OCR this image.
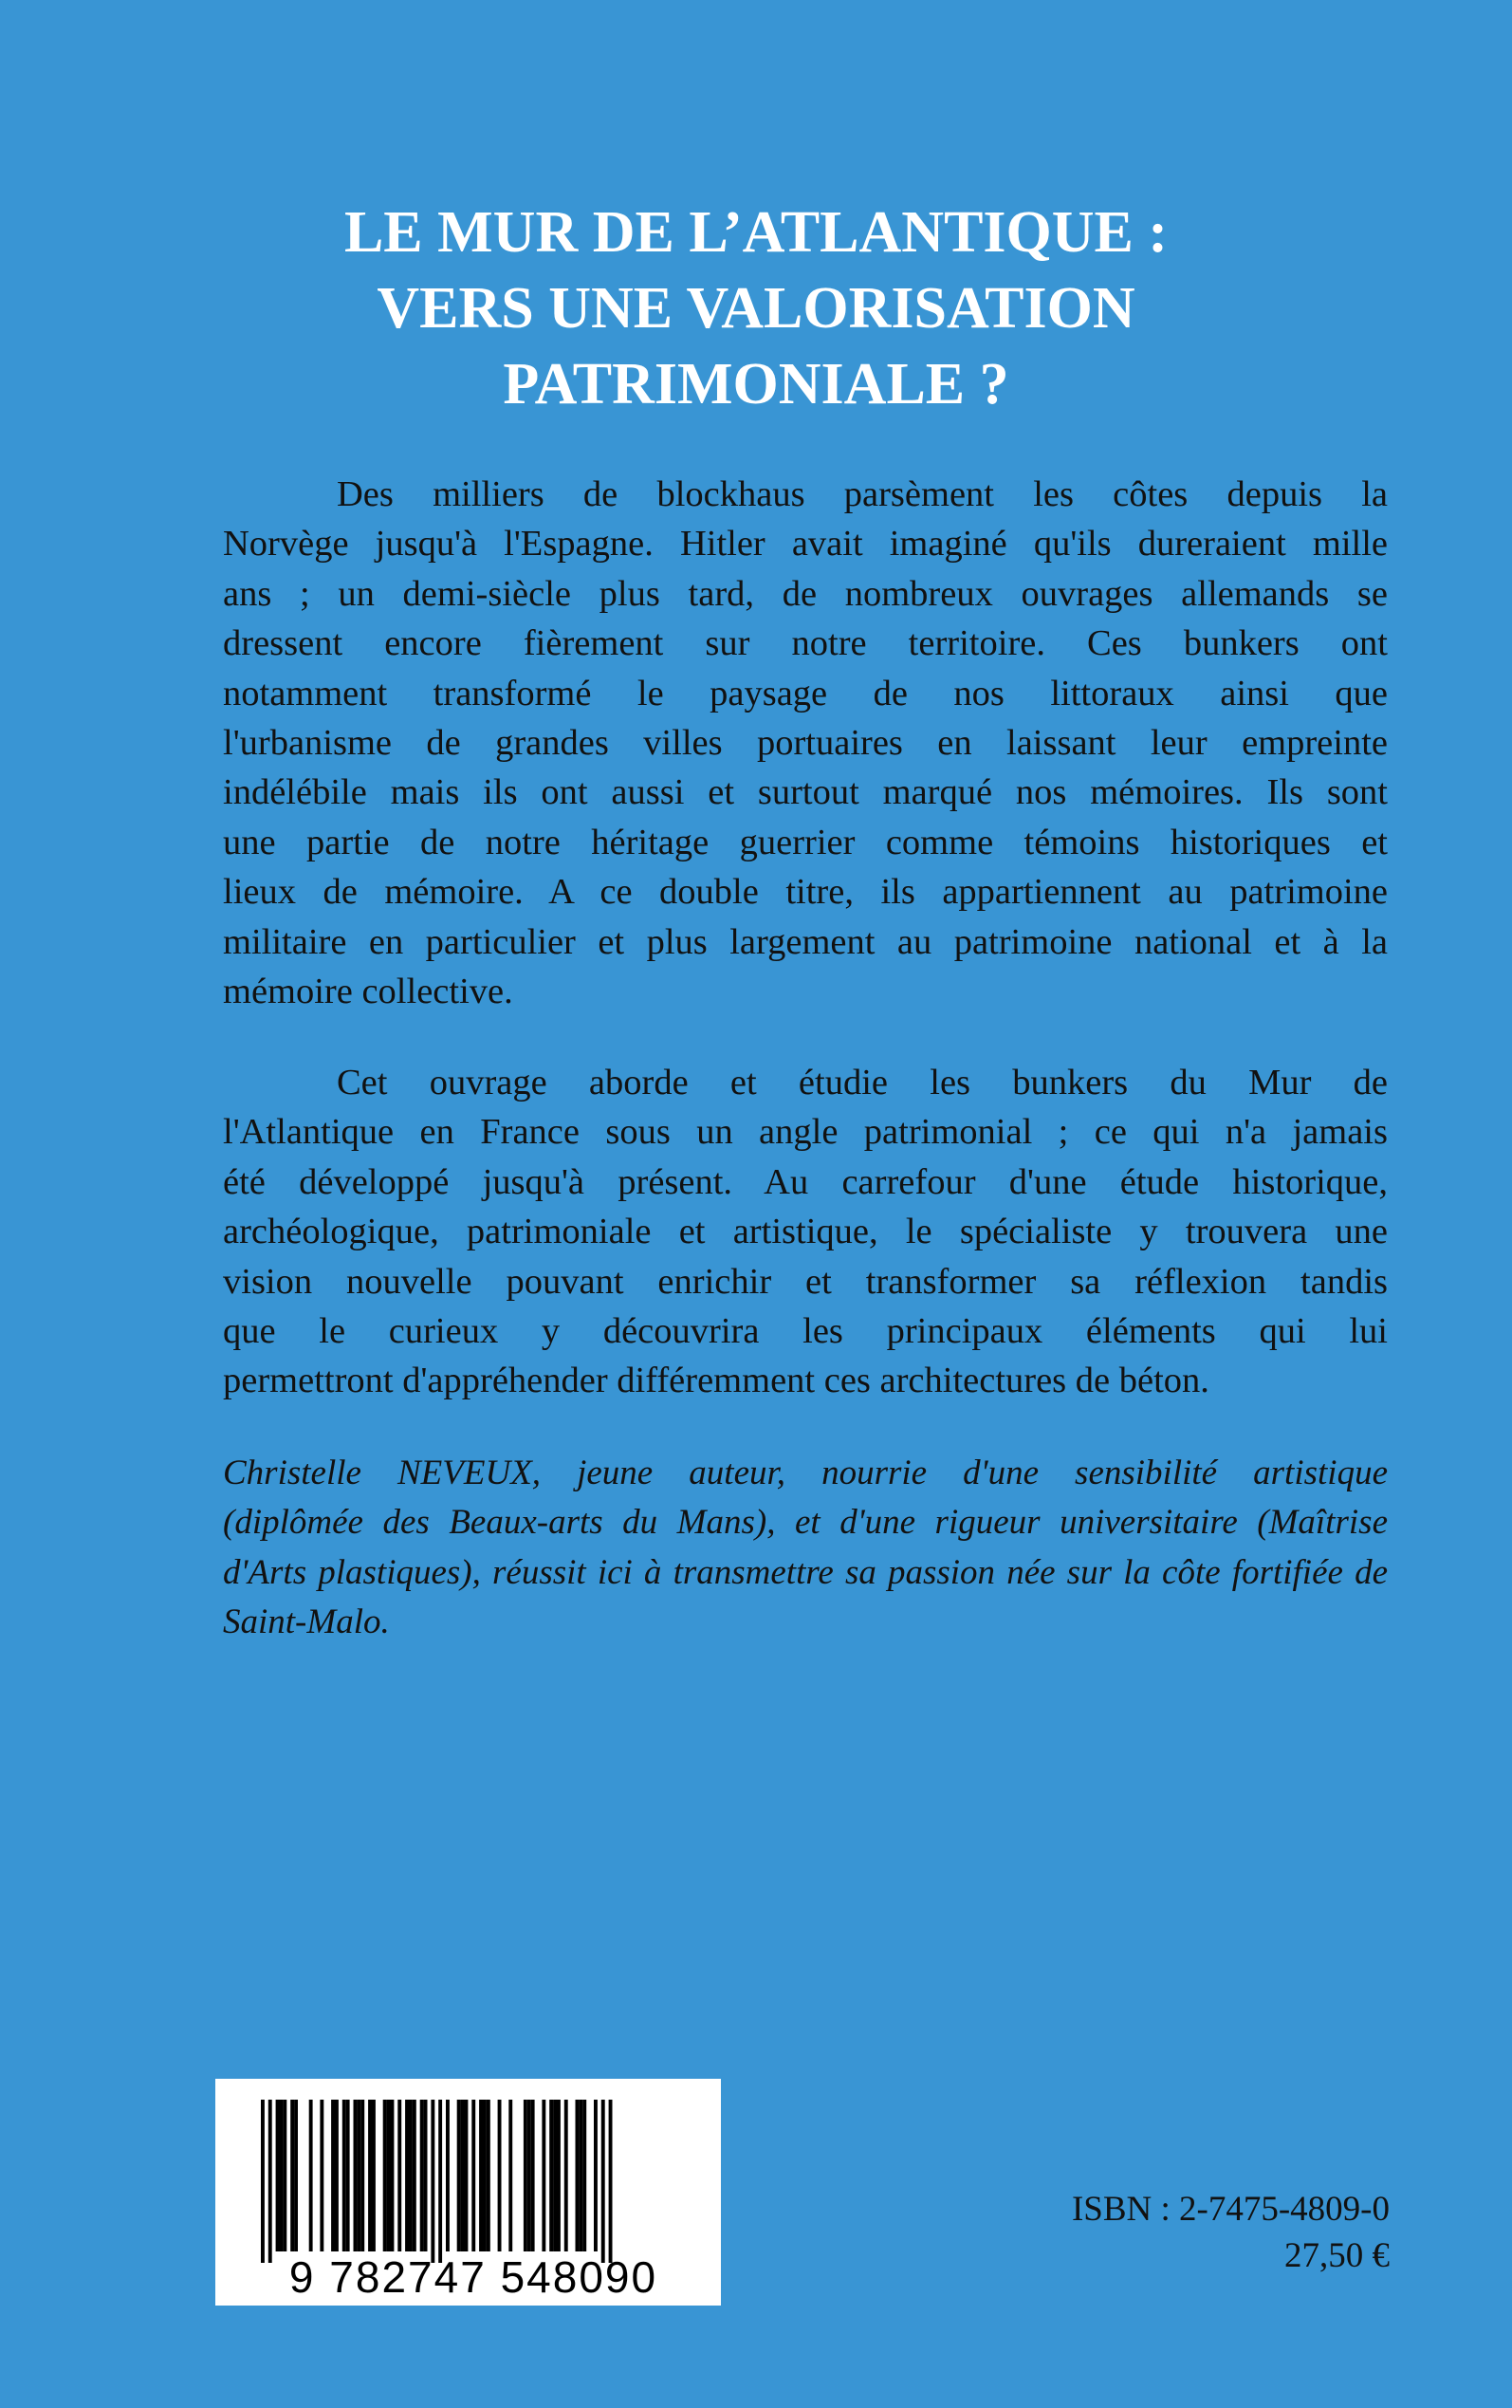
LE MUR DE L’ATLANTIQUE :
VERS UNE VALORISATION
PATRIMONIALE ?
Des milliers de blockhaus parsèment les côtes depuis la
Norvège jusqu'à l'Espagne. Hitler avait imaginé qu'ils dureraient mille
ans ; un demi-siècle plus tard, de nombreux ouvrages allemands se
dressent encore fièrement sur notre territoire. Ces bunkers ont
notamment transformé le paysage de nos littoraux ainsi que
l'urbanisme de grandes villes portuaires en laissant leur empreinte
indélébile mais ils ont aussi et surtout marqué nos mémoires. Ils sont
une partie de notre héritage guerrier comme témoins historiques et
lieux de mémoire. A ce double titre, ils appartiennent au patrimoine
militaire en particulier et plus largement au patrimoine national et à la
mémoire collective.
Cet ouvrage aborde et étudie les bunkers du Mur de
l'Atlantique en France sous un angle patrimonial ; ce qui n'a jamais
été développé jusqu'à présent. Au carrefour d'une étude historique,
archéologique, patrimoniale et artistique, le spécialiste y trouvera une
vision nouvelle pouvant enrichir et transformer sa réflexion tandis
que le curieux y découvrira les principaux éléments qui lui
permettront d'appréhender différemment ces architectures de béton.
Christelle NEVEUX, jeune auteur, nourrie d'une sensibilité artistique
(diplômée des Beaux-arts du Mans), et d'une rigueur universitaire (Maîtrise
d'Arts plastiques), réussit ici à transmettre sa passion née sur la côte fortifiée de
Saint-Malo.
9 782747 548090
ISBN : 2-7475-4809-0
27,50 €
